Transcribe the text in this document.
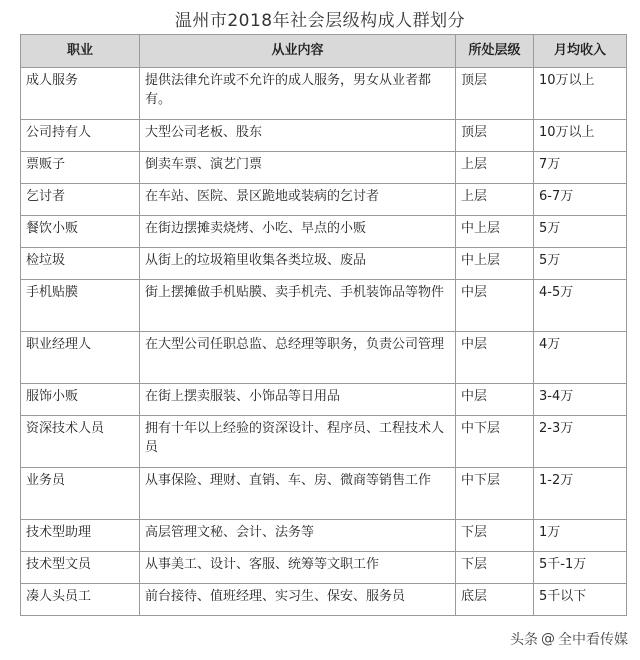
温州市2018年社会层级构成人群划分
职业	从业内容	所处层级	月均收入
成人服务	提供法律允许或不允许的成人服务，男女从业者都有。	顶层	10万以上
公司持有人	大型公司老板、股东	顶层	10万以上
票贩子	倒卖车票、演艺门票	上层	7万
乞讨者	在车站、医院、景区跪地或装病的乞讨者	上层	6-7万
餐饮小贩	在街边摆摊卖烧烤、小吃、早点的小贩	中上层	5万
检垃圾	从街上的垃圾箱里收集各类垃圾、废品	中上层	5万
手机贴膜	街上摆摊做手机贴膜、卖手机壳、手机装饰品等物件	中层	4-5万
职业经理人	在大型公司任职总监、总经理等职务，负责公司管理	中层	4万
服饰小贩	在街上摆卖服装、小饰品等日用品	中层	3-4万
资深技术人员	拥有十年以上经验的资深设计、程序员、工程技术人员	中下层	2-3万
业务员	从事保险、理财、直销、车、房、微商等销售工作	中下层	1-2万
技术型助理	高层管理文秘、会计、法务等	下层	1万
技术型文员	从事美工、设计、客服、统筹等文职工作	下层	5千-1万
凑人头员工	前台接待、值班经理、实习生、保安、服务员	底层	5千以下
头条 @ 全中看传媒
